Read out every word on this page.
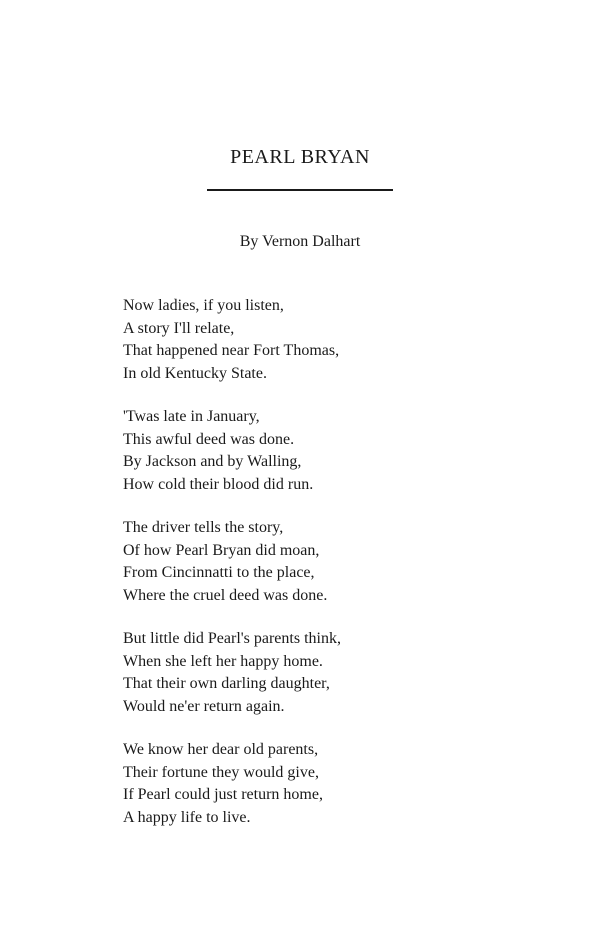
PEARL BRYAN
By Vernon Dalhart
Now ladies, if you listen,
A story I'll relate,
That happened near Fort Thomas,
In old Kentucky State.
'Twas late in January,
This awful deed was done.
By Jackson and by Walling,
How cold their blood did run.
The driver tells the story,
Of how Pearl Bryan did moan,
From Cincinnatti to the place,
Where the cruel deed was done.
But little did Pearl's parents think,
When she left her happy home.
That their own darling daughter,
Would ne'er return again.
We know her dear old parents,
Their fortune they would give,
If Pearl could just return home,
A happy life to live.
